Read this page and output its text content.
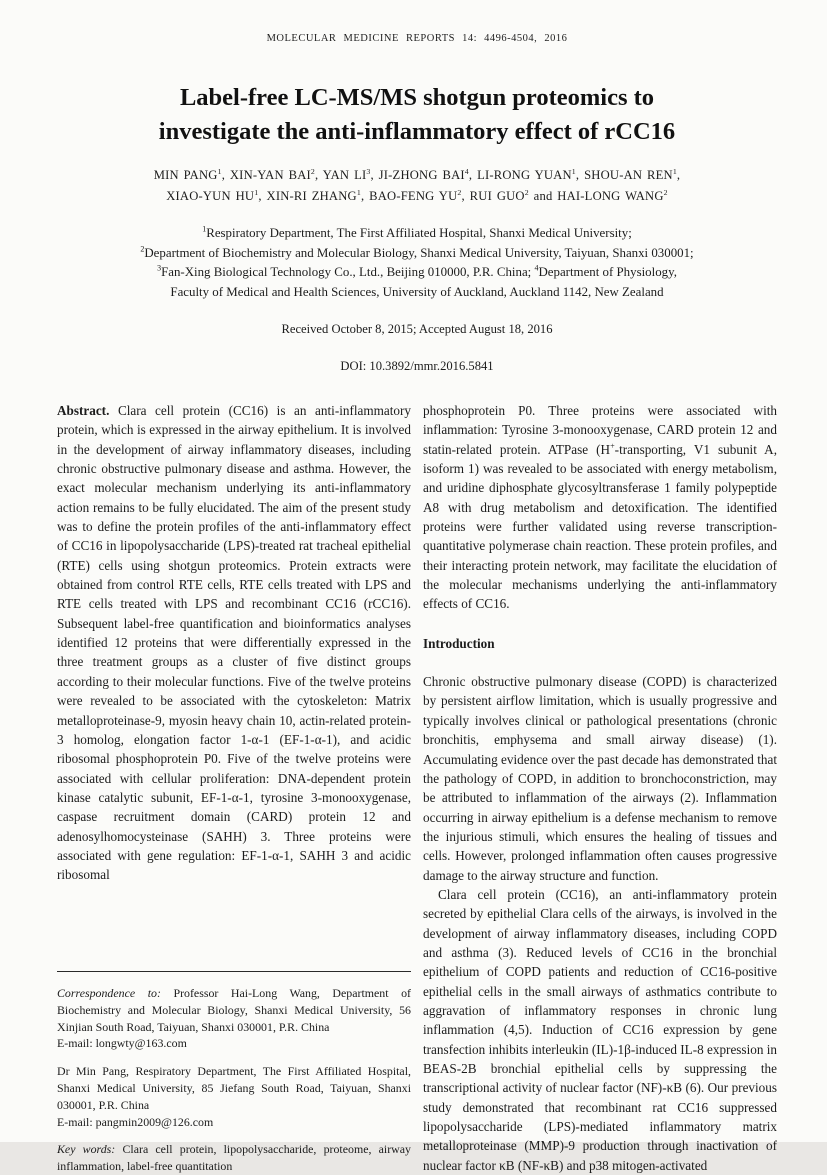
MOLECULAR MEDICINE REPORTS 14: 4496-4504, 2016
Label-free LC-MS/MS shotgun proteomics to
investigate the anti-inflammatory effect of rCC16
MIN PANG$^1$, XIN-YAN BAI$^2$, YAN $LI^3$, JI-ZHONG BAI$^4$, LI-RONG YUAN$^1$, SHOU-AN REN$^1$,
XIAO-YUN $HU^1$, XIN-RI ZHANG$^1$, BAO-FENG $YU^2$, RUI GUO$^2$ and HAI-LONG WANG$^2$
$^1$Respiratory Department, The First Affiliated Hospital, Shanxi Medical University;
$^2$Department of Biochemistry and Molecular Biology, Shanxi Medical University, Taiyuan, Shanxi 030001;
$^3$Fan-Xing Biological Technology Co., Ltd., Beijing 010000, P.R. China; $^4$Department of Physiology,
Faculty of Medical and Health Sciences, University of Auckland, Auckland 1142, New Zealand
Received October 8, 2015; Accepted August 18, 2016
DOI: 10.3892/mmr.2016.5841

Abstract. Clara cell protein (CC16) is an anti-inflammatory protein, which is expressed in the airway epithelium. It is involved in the development of airway inflammatory diseases, including chronic obstructive pulmonary disease and asthma. However, the exact molecular mechanism underlying its anti-inflammatory action remains to be fully elucidated. The aim of the present study was to define the protein profiles of the anti-inflammatory effect of CC16 in lipopolysaccharide (LPS)-treated rat tracheal epithelial (RTE) cells using shotgun proteomics. Protein extracts were obtained from control RTE cells, RTE cells treated with LPS and RTE cells treated with LPS and recombinant CC16 (rCC16). Subsequent label-free quantification and bioinformatics analyses identified 12 proteins that were differentially expressed in the three treatment groups as a cluster of five distinct groups according to their molecular functions. Five of the twelve proteins were revealed to be associated with the cytoskeleton: Matrix metalloproteinase-9, myosin heavy chain 10, actin-related protein-3 homolog, elongation factor 1-α-1 (EF-1-α-1), and acidic ribosomal phosphoprotein P0. Five of the twelve proteins were associated with cellular proliferation: DNA-dependent protein kinase catalytic subunit, EF-1-α-1, tyrosine 3-monooxygenase, caspase recruitment domain (CARD) protein 12 and adenosylhomocysteinase (SAHH) 3. Three proteins were associated with gene regulation: EF-1-α-1, SAHH 3 and acidic ribosomal

Correspondence to: Professor Hai-Long Wang, Department of Biochemistry and Molecular Biology, Shanxi Medical University, 56 Xinjian South Road, Taiyuan, Shanxi 030001, P.R. China

E-mail: longwty@163.com

Dr Min Pang, Respiratory Department, The First Affiliated Hospital, Shanxi Medical University, 85 Jiefang South Road, Taiyuan, Shanxi 030001, P.R. China

E-mail: pangmin2009@126.com

Key words: Clara cell protein, lipopolysaccharide, proteome, airway inflammation, label-free quantitation

phosphoprotein P0. Three proteins were associated with inflammation: Tyrosine 3-monooxygenase, CARD protein 12 and statin-related protein. ATPase (H+-transporting, V1 subunit A, isoform 1) was revealed to be associated with energy metabolism, and uridine diphosphate glycosyltransferase 1 family polypeptide A8 with drug metabolism and detoxification. The identified proteins were further validated using reverse transcription-quantitative polymerase chain reaction. These protein profiles, and their interacting protein network, may facilitate the elucidation of the molecular mechanisms underlying the anti-inflammatory effects of CC16.

Introduction

Chronic obstructive pulmonary disease (COPD) is characterized by persistent airflow limitation, which is usually progressive and typically involves clinical or pathological presentations (chronic bronchitis, emphysema and small airway disease) (1). Accumulating evidence over the past decade has demonstrated that the pathology of COPD, in addition to bronchoconstriction, may be attributed to inflammation of the airways (2). Inflammation occurring in airway epithelium is a defense mechanism to remove the injurious stimuli, which ensures the healing of tissues and cells. However, prolonged inflammation often causes progressive damage to the airway structure and function.

Clara cell protein (CC16), an anti-inflammatory protein secreted by epithelial Clara cells of the airways, is involved in the development of airway inflammatory diseases, including COPD and asthma (3). Reduced levels of CC16 in the bronchial epithelium of COPD patients and reduction of CC16-positive epithelial cells in the small airways of asthmatics contribute to aggravation of inflammatory responses in chronic lung inflammation (4,5). Induction of CC16 expression by gene transfection inhibits interleukin (IL)-1β-induced IL-8 expression in BEAS-2B bronchial epithelial cells by suppressing the transcriptional activity of nuclear factor (NF)-κB (6). Our previous study demonstrated that recombinant rat CC16 suppressed lipopolysaccharide (LPS)-mediated inflammatory matrix metalloproteinase (MMP)-9 production through inactivation of nuclear factor κB (NF-κB) and p38 mitogen-activated
